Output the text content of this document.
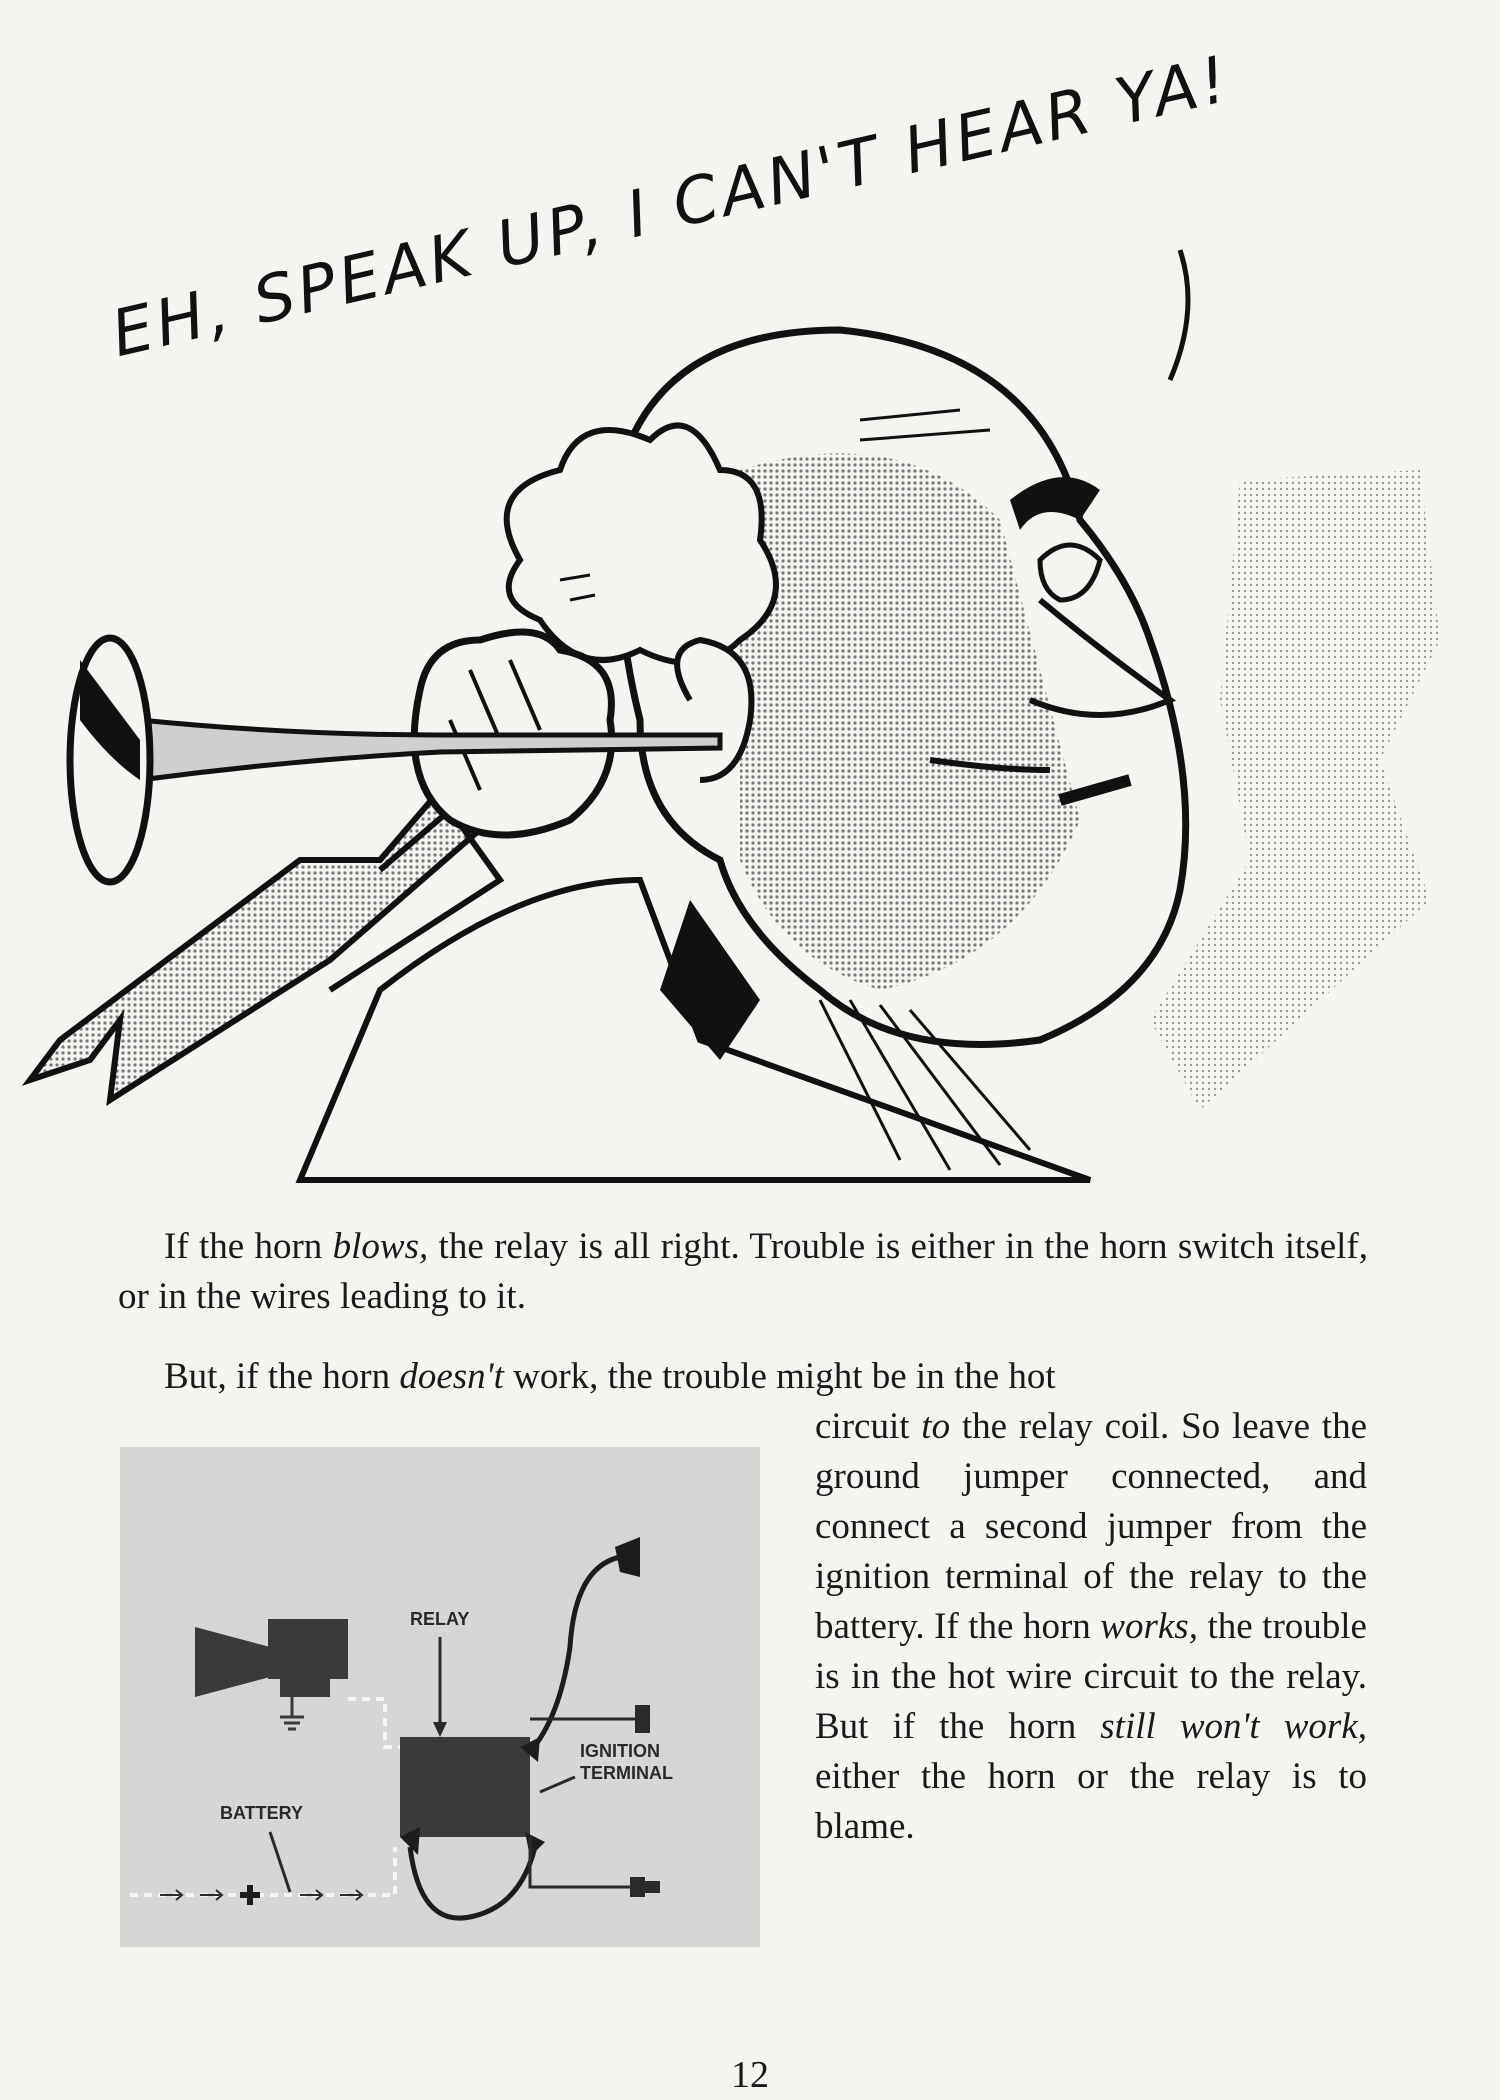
EH, SPEAK UP, I CAN'T HEAR YA!

If the horn blows, the relay is all right. Trouble is either in the horn switch itself, or in the wires leading to it.

But, if the horn doesn't work, the trouble might be in the hot

circuit to the relay coil. So leave the ground jumper connected, and connect a second jumper from the ignition terminal of the relay to the battery. If the horn works, the trouble is in the hot wire circuit to the relay. But if the horn still won't work, either the horn or the relay is to blame.

RELAY
IGNITION
TERMINAL
BATTERY
12
